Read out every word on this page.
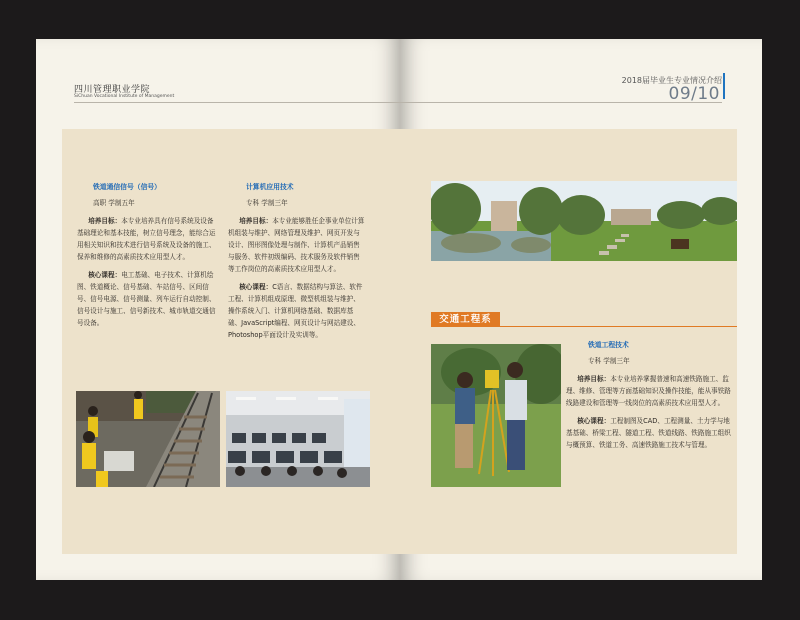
四川管理职业学院
SiChuan Vocational Institute of Management
铁道通信信号（信号）
高职 学制五年

培养目标：本专业培养具有信号系统及设备基础理论和基本技能，树立信号理念，能综合运用相关知识和技术进行信号系统及设备的施工、保养和维修的高素质技术应用型人才。

核心课程：电工基础、电子技术、计算机绘图、铁道概论、信号基础、车站信号、区间信号、信号电源、信号测量、列车运行自动控制、信号设计与施工、信号新技术、城市轨道交通信号设备。

计算机应用技术
专科 学制三年

培养目标：本专业能够胜任企事业单位计算机组装与维护、网络管理及维护、网页开发与设计、图形图像处理与制作、计算机产品销售与服务、软件初级编码、技术服务及软件销售等工作岗位的高素质技术应用型人才。

核心课程：C语言、数据结构与算法、软件工程、计算机组成原理、微型机组装与维护、操作系统入门、计算机网络基础、数据库基础、JavaScript编程、网页设计与网站建设、Photoshop平面设计及实训等。

2018届毕业生专业情况介绍
09/10
交通工程系
铁道工程技术
专科 学制三年

培养目标：本专业培养掌握普速和高速铁路施工、监理、维修、管理等方面基础知识及操作技能，能从事铁路线路建设和管理等一线岗位的高素质技术应用型人才。

核心课程：工程制图及CAD、工程测量、土力学与地基基础、桥梁工程、隧道工程、铁道线路、铁路施工组织与概预算、铁道工务、高速铁路施工技术与管理。
